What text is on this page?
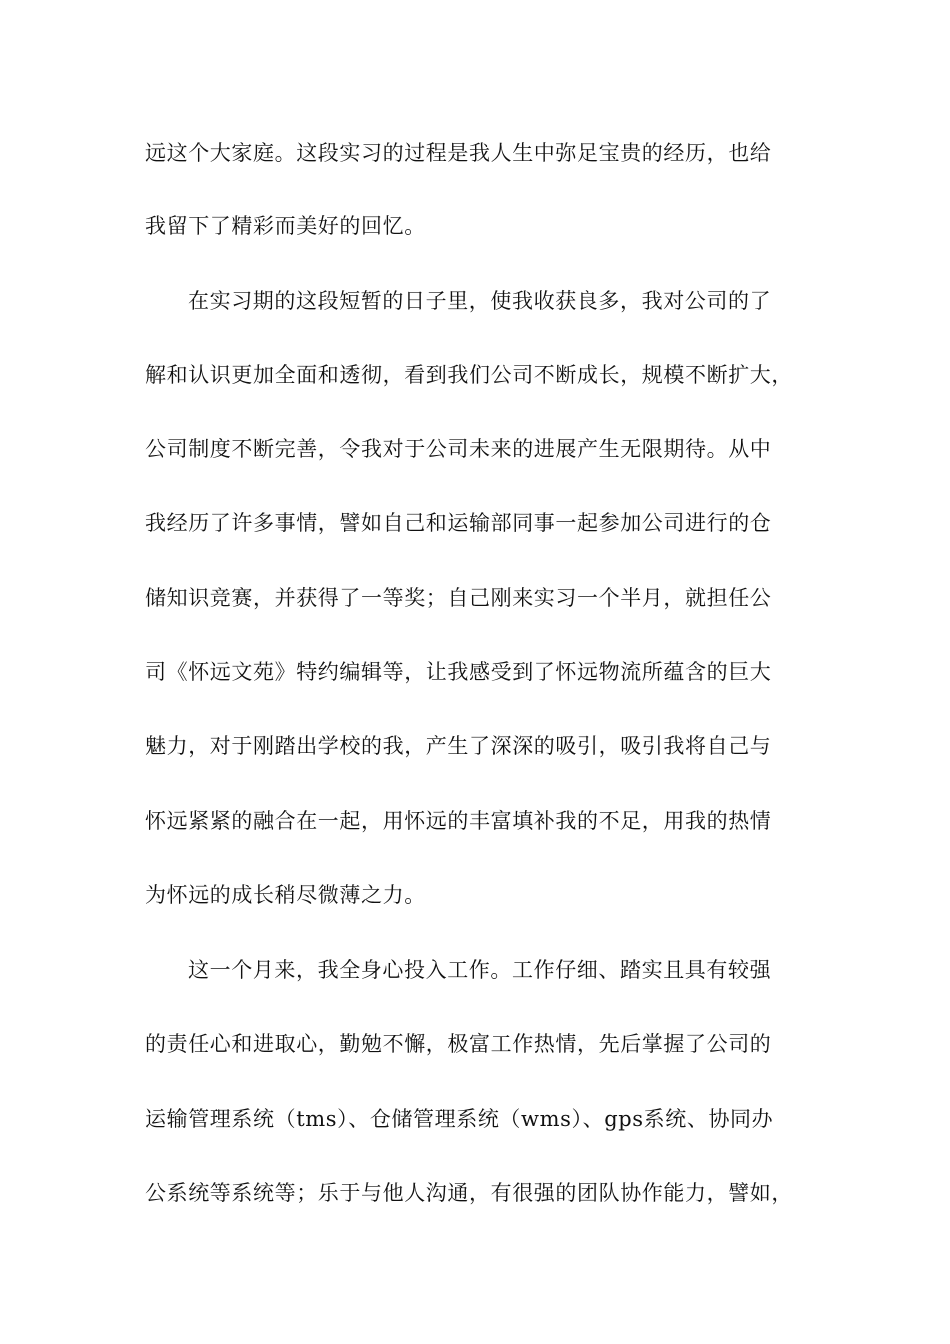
远这个大家庭。这段实习的过程是我人生中弥足宝贵的经历，也给
我留下了精彩而美好的回忆。
在实习期的这段短暂的日子里，使我收获良多，我对公司的了
解和认识更加全面和透彻，看到我们公司不断成长，规模不断扩大，
公司制度不断完善，令我对于公司未来的进展产生无限期待。从中
我经历了许多事情，譬如自己和运输部同事一起参加公司进行的仓
储知识竞赛，并获得了一等奖；自己刚来实习一个半月，就担任公
司《怀远文苑》特约编辑等，让我感受到了怀远物流所蕴含的巨大
魅力，对于刚踏出学校的我，产生了深深的吸引，吸引我将自己与
怀远紧紧的融合在一起，用怀远的丰富填补我的不足，用我的热情
为怀远的成长稍尽微薄之力。
这一个月来，我全身心投入工作。工作仔细、踏实且具有较强
的责任心和进取心，勤勉不懈，极富工作热情，先后掌握了公司的
运输管理系统（tms）、仓储管理系统（wms）、gps系统、协同办
公系统等系统等；乐于与他人沟通，有很强的团队协作能力，譬如，
